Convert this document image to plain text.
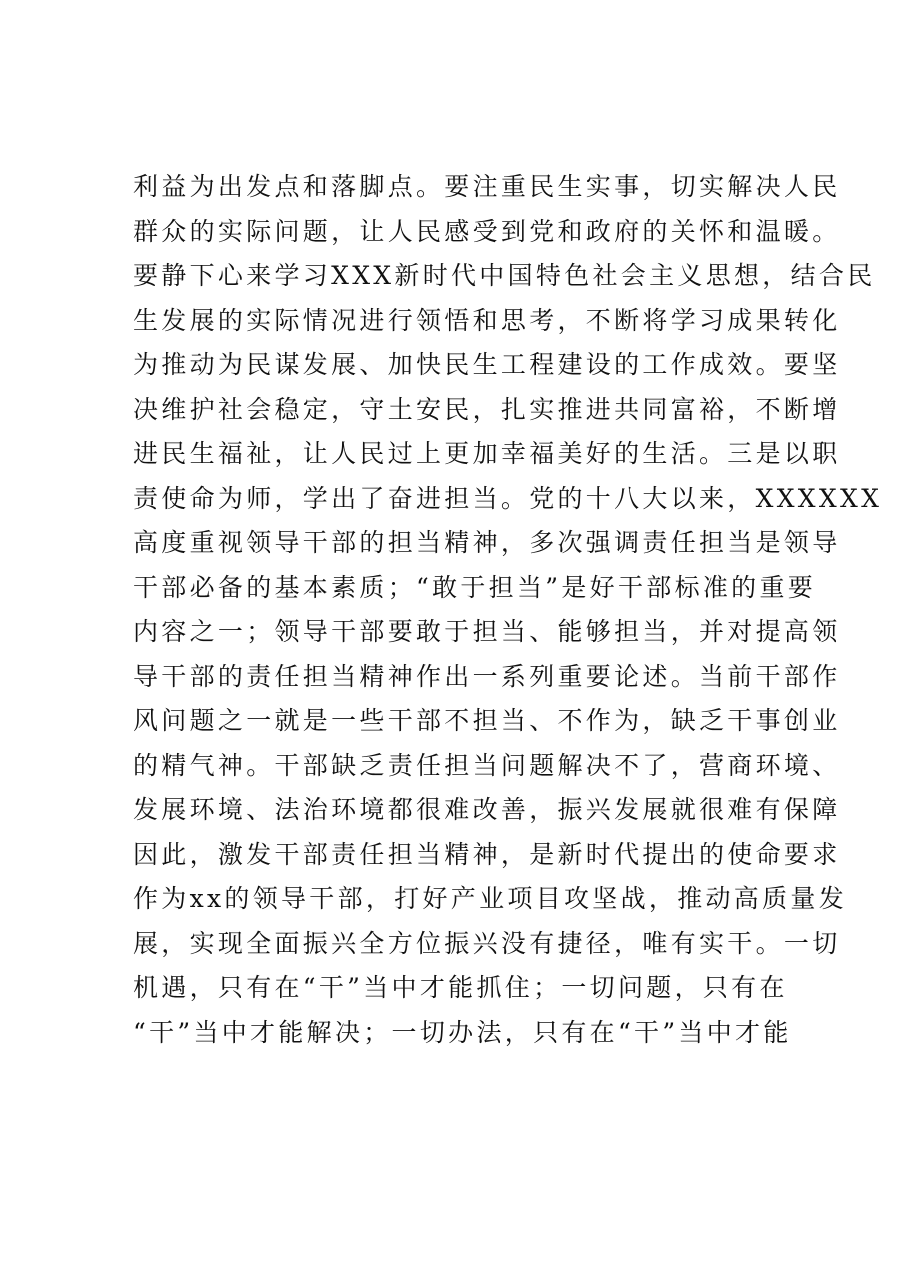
利益为出发点和落脚点。要注重民生实事，切实解决人民
群众的实际问题，让人民感受到党和政府的关怀和温暖。
要静下心来学习XXX新时代中国特色社会主义思想，结合民
生发展的实际情况进行领悟和思考，不断将学习成果转化
为推动为民谋发展、加快民生工程建设的工作成效。要坚
决维护社会稳定，守土安民，扎实推进共同富裕，不断增
进民生福祉，让人民过上更加幸福美好的生活。三是以职
责使命为师，学出了奋进担当。党的十八大以来，XXXXXX
高度重视领导干部的担当精神，多次强调责任担当是领导
干部必备的基本素质；“敢于担当”是好干部标准的重要
内容之一；领导干部要敢于担当、能够担当，并对提高领
导干部的责任担当精神作出一系列重要论述。当前干部作
风问题之一就是一些干部不担当、不作为，缺乏干事创业
的精气神。干部缺乏责任担当问题解决不了，营商环境、
发展环境、法治环境都很难改善，振兴发展就很难有保障
因此，激发干部责任担当精神，是新时代提出的使命要求
作为xx的领导干部，打好产业项目攻坚战，推动高质量发
展，实现全面振兴全方位振兴没有捷径，唯有实干。一切
机遇，只有在“干”当中才能抓住；一切问题，只有在
“干”当中才能解决；一切办法，只有在“干”当中才能
